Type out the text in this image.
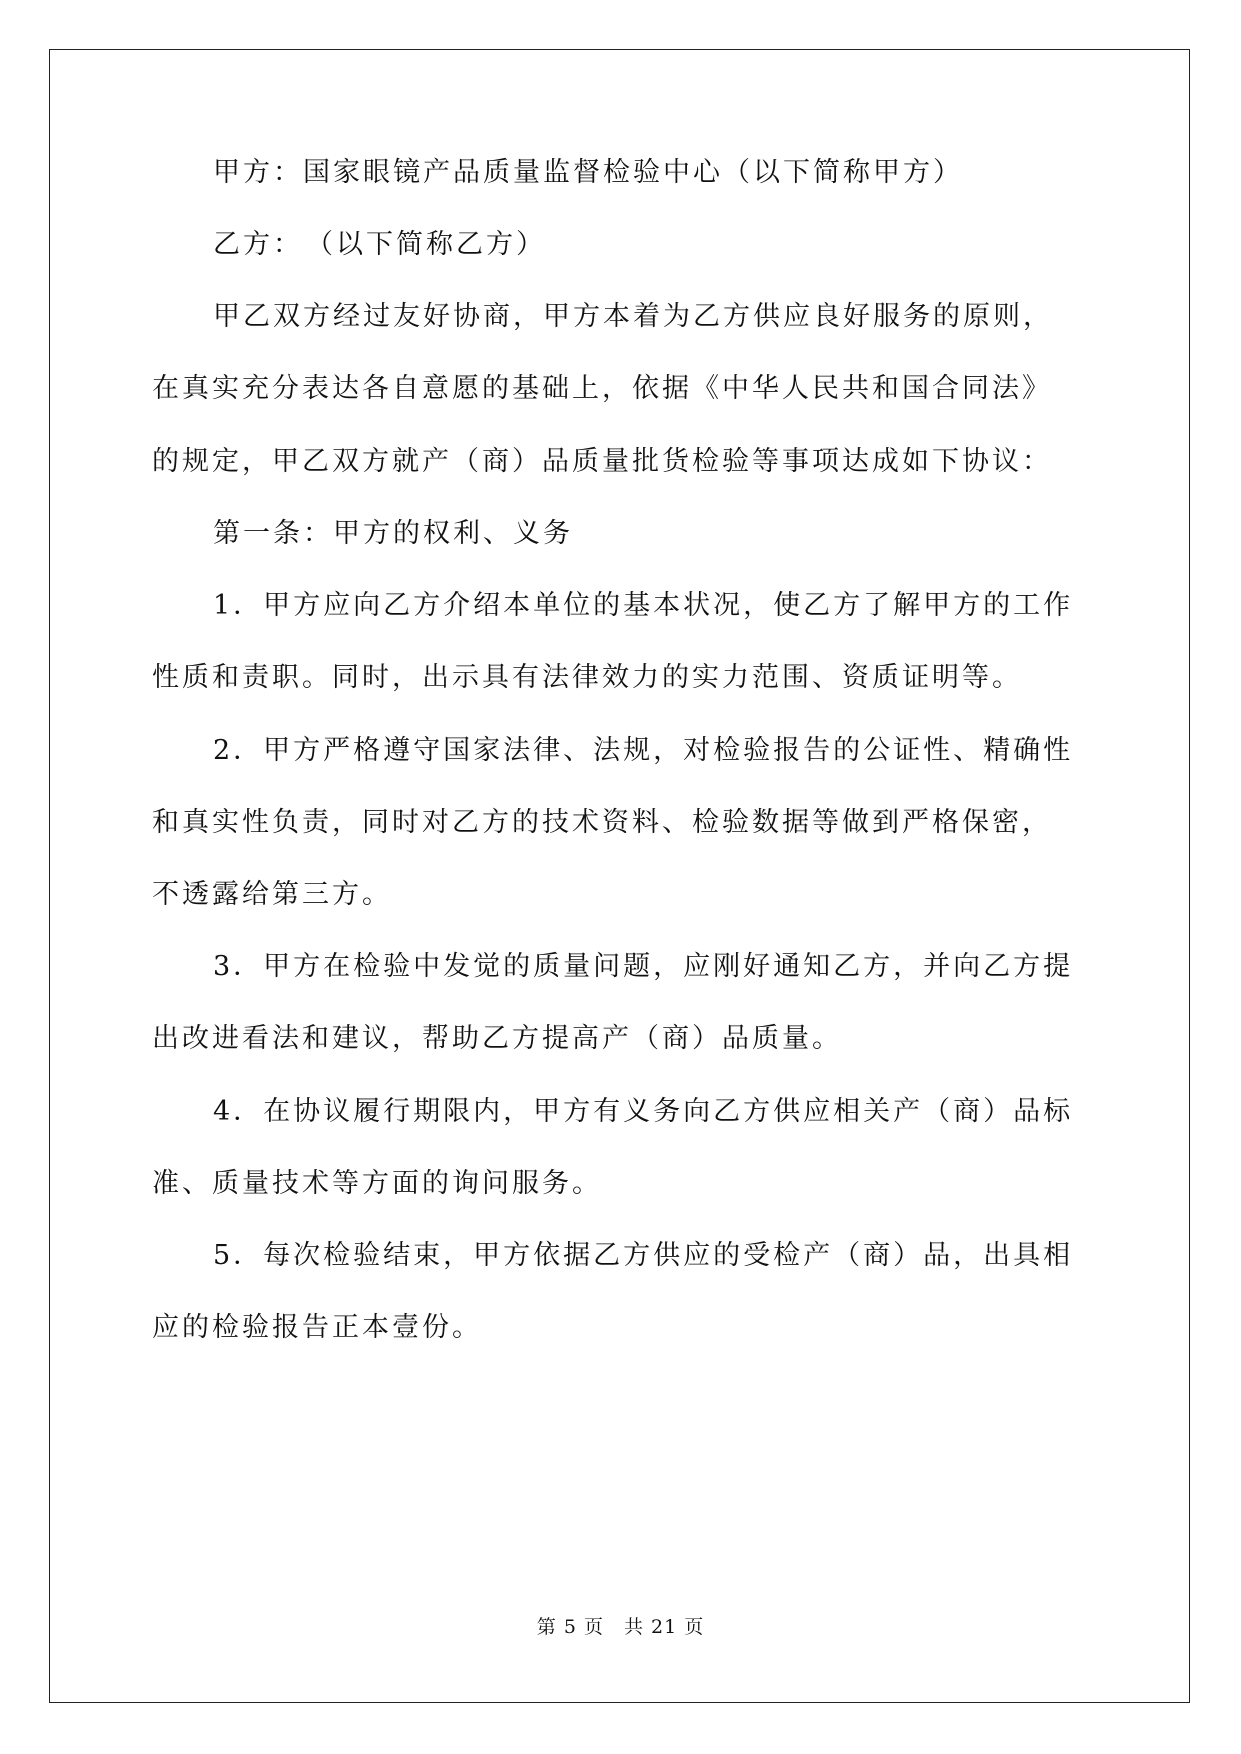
甲方：国家眼镜产品质量监督检验中心（以下简称甲方）
乙方：　（以下简称乙方）
甲乙双方经过友好协商，甲方本着为乙方供应良好服务的原则，
在真实充分表达各自意愿的基础上，依据《中华人民共和国合同法》
的规定，甲乙双方就产（商）品质量批货检验等事项达成如下协议：
第一条：甲方的权利、义务
1．甲方应向乙方介绍本单位的基本状况，使乙方了解甲方的工作
性质和责职。同时，出示具有法律效力的实力范围、资质证明等。
2．甲方严格遵守国家法律、法规，对检验报告的公证性、精确性
和真实性负责，同时对乙方的技术资料、检验数据等做到严格保密，
不透露给第三方。
3．甲方在检验中发觉的质量问题，应刚好通知乙方，并向乙方提
出改进看法和建议，帮助乙方提高产（商）品质量。
4．在协议履行期限内，甲方有义务向乙方供应相关产（商）品标
准、质量技术等方面的询问服务。
5．每次检验结束，甲方依据乙方供应的受检产（商）品，出具相
应的检验报告正本壹份。
第 5 页　共 21 页
